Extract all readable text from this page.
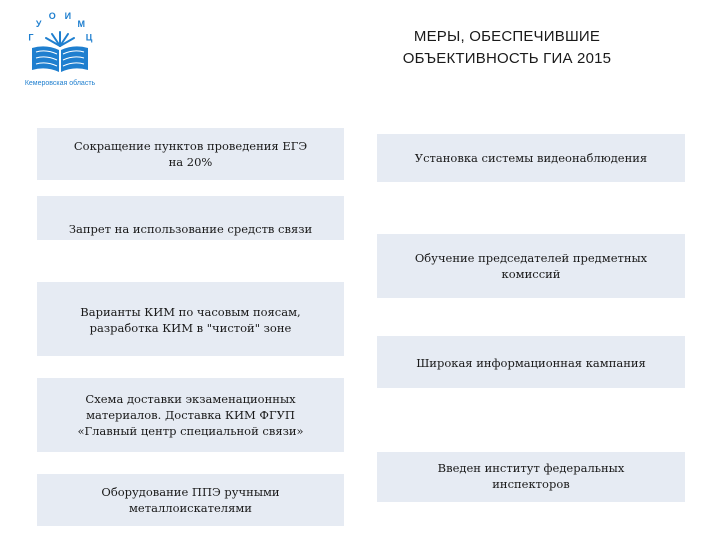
Г
У
О И
М
Ц
Кемеровская область
МЕРЫ, ОБЕСПЕЧИВШИЕ
ОБЪЕКТИВНОСТЬ ГИА 2015
Сокращение пунктов проведения ЕГЭ
на 20%
Запрет на использование средств связи
Варианты КИМ по часовым поясам,
разработка КИМ в "чистой" зоне
Схема доставки экзаменационных
материалов. Доставка КИМ ФГУП
«Главный центр специальной связи»
Оборудование ППЭ ручными
металлоискателями
Установка системы видеонаблюдения
Обучение председателей предметных
комиссий
Широкая информационная кампания
Введен институт федеральных
инспекторов
